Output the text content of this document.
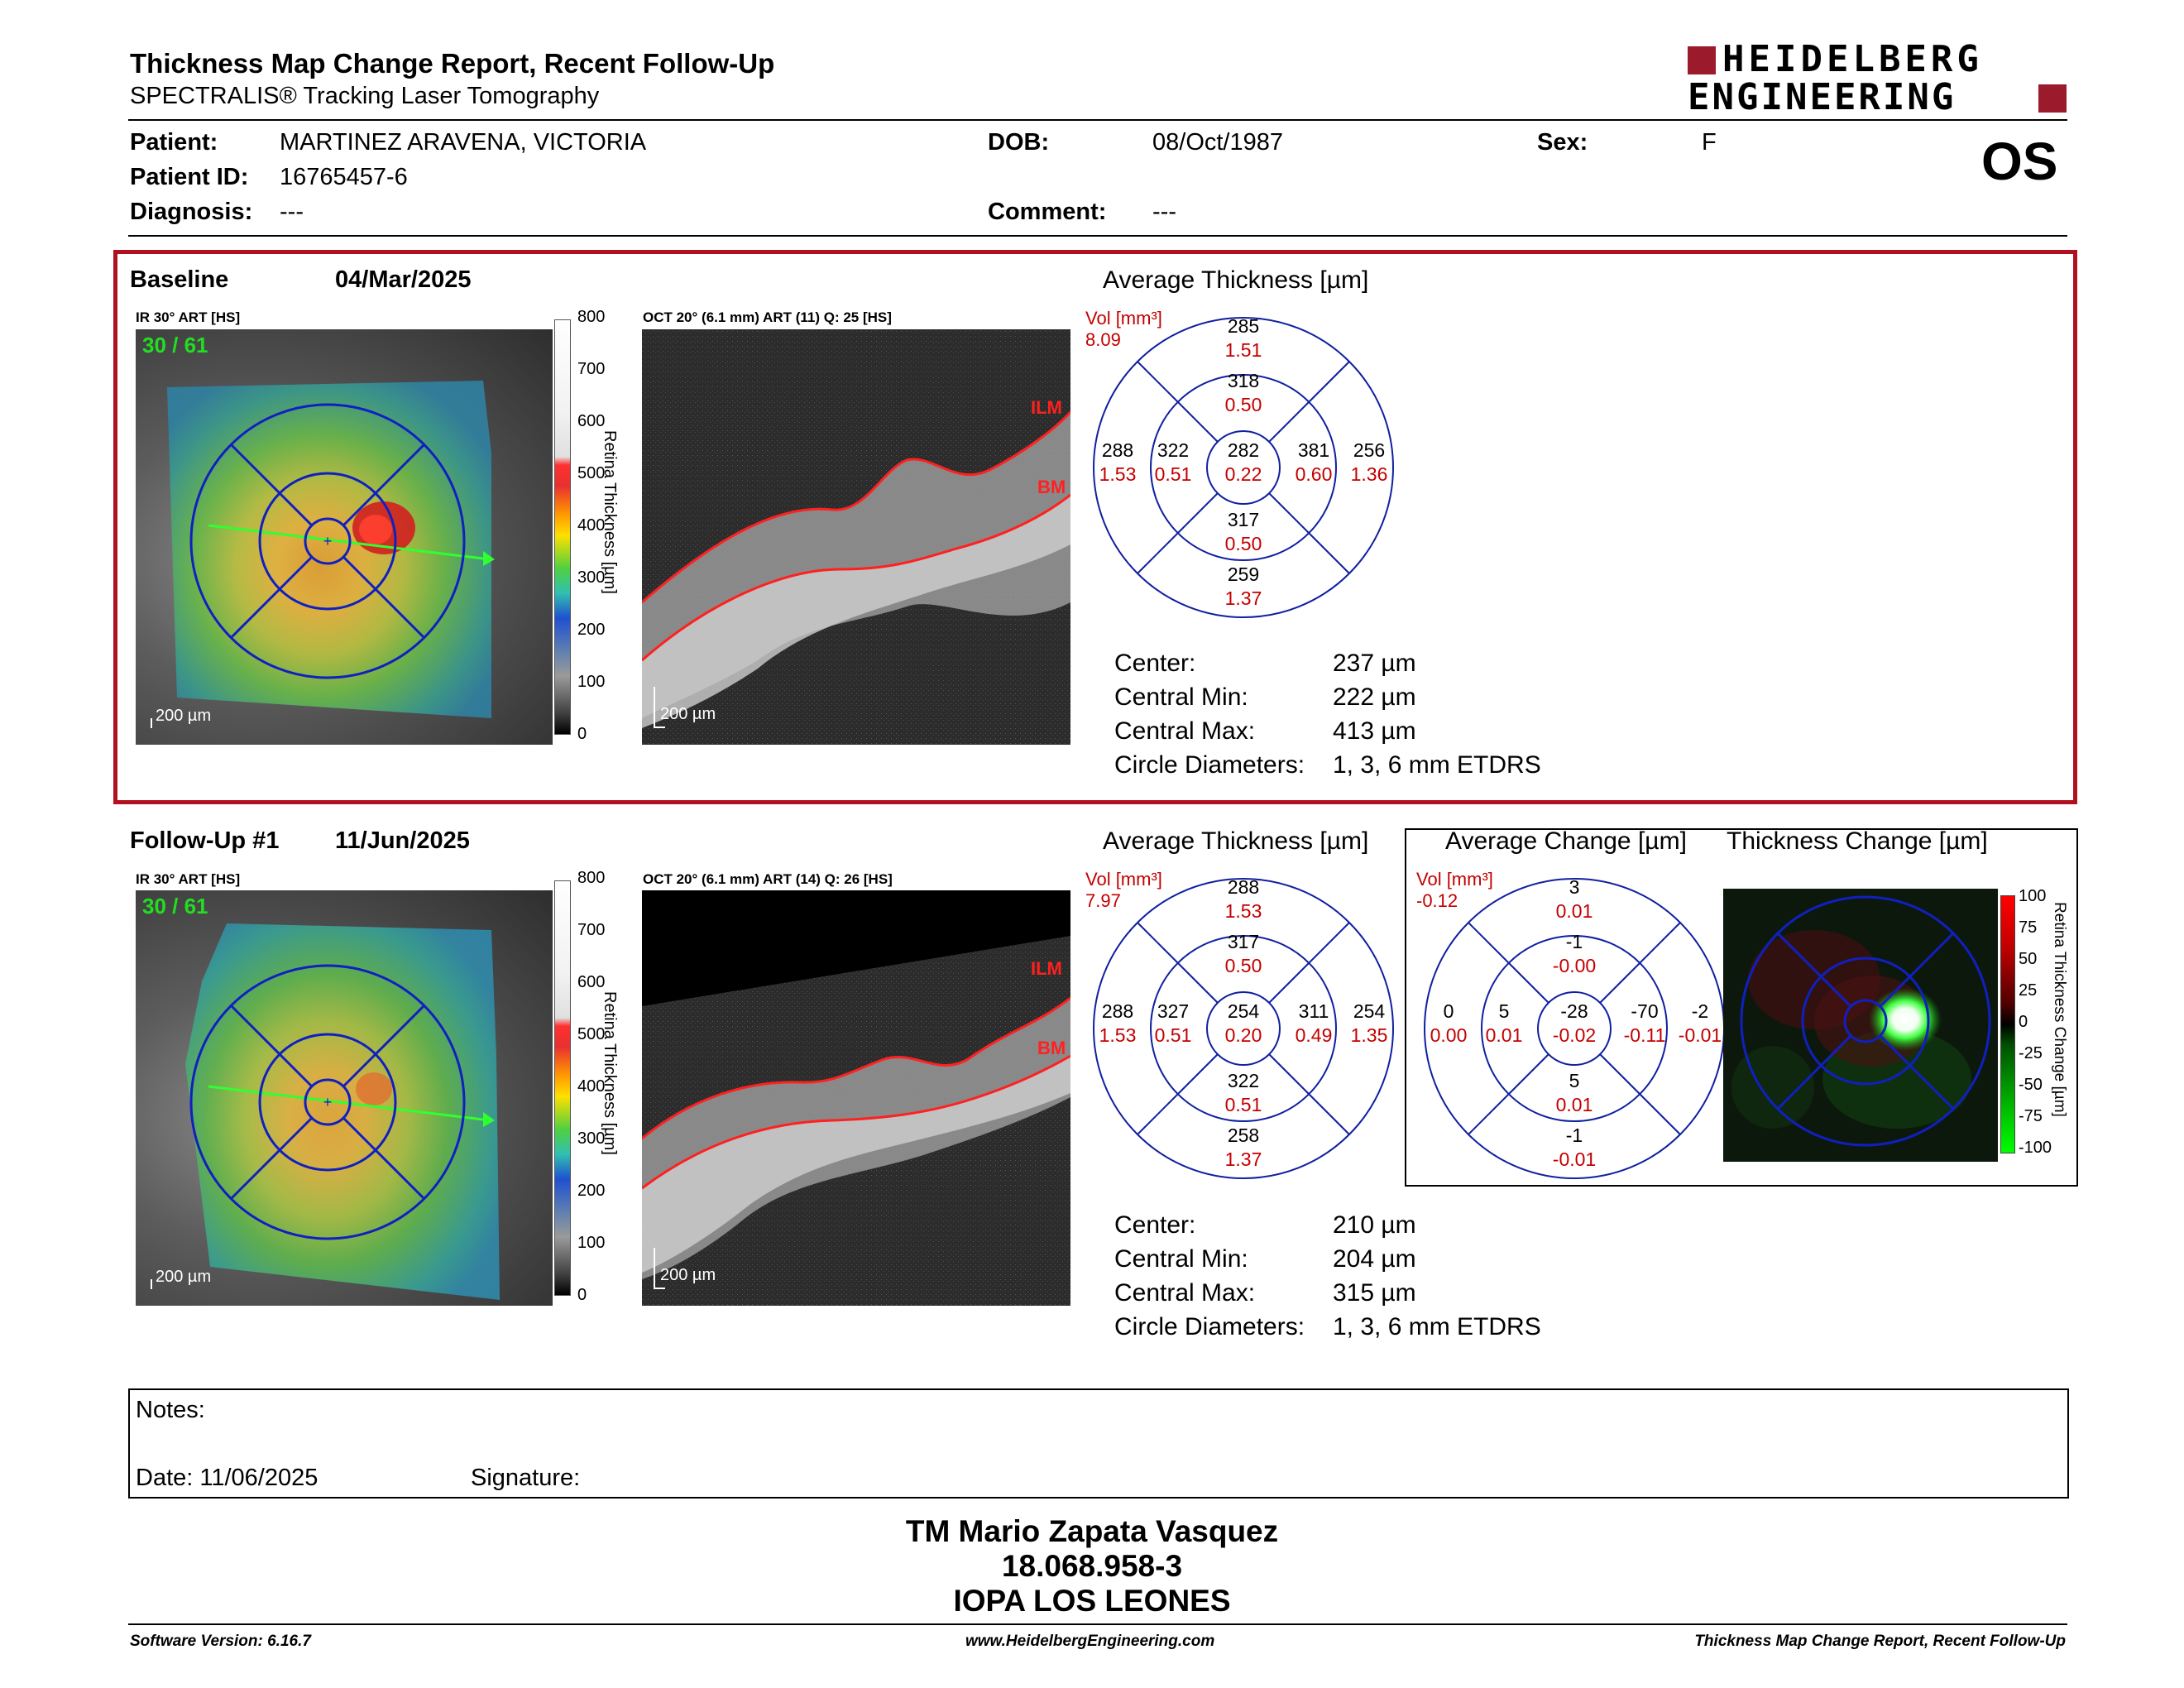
Thickness Map Change Report, Recent Follow-Up
SPECTRALIS® Tracking Laser Tomography
HEIDELBERG
ENGINEERING
OS
Patient:	MARTINEZ ARAVENA, VICTORIA
Patient ID: 16765457-6
Diagnosis: ---
DOB:	08/Oct/1987
Comment: ---
Sex:	F
Baseline	04/Mar/2025
IR 30° ART [HS]
+
30 / 61
200 µm
800
700
600
500
400
300
200
100
0
Retina Thickness [µm]
OCT 20° (6.1 mm) ART (11) Q: 25 [HS]
ILM
BM
200 µm
Average Thickness [µm]
Vol [mm³]
8.09
282
0.22
318
0.50
317
0.50
322
0.51
381
0.60
285
1.51
259
1.37
288
1.53
256
1.36
Center:	237 µm
Central Min:	222 µm
Central Max:	413 µm
Circle Diameters: 1, 3, 6 mm ETDRS
Follow-Up #1 11/Jun/2025
IR 30° ART [HS]
+
30 / 61
200 µm
800
700
600
500
400
300
200
100
0
Retina Thickness [µm]
OCT 20° (6.1 mm) ART (14) Q: 26 [HS]
ILM
BM
200 µm
Average Thickness [µm]
Vol [mm³]
7.97
254
0.20
317
0.50
322
0.51
327
0.51
311
0.49
288
1.53
258
1.37
288
1.53
254
1.35
Center:	210 µm
Central Min:	204 µm
Central Max:	315 µm
Circle Diameters: 1, 3, 6 mm ETDRS
Average Change [µm] Thickness Change [µm]
Vol [mm³]
-0.12
-28
-0.02
-1
-0.00
5
0.01
5
0.01
-70
-0.11
3
0.01
-1
-0.01
0
0.00
-2
-0.01
100
75
50
25
0
-25
-50
-75
-100
Retina Thickness Change [µm]
Notes:
Date: 11/06/2025	Signature:
TM Mario Zapata Vasquez
18.068.958-3
IOPA LOS LEONES
Software Version: 6.16.7	www.HeidelbergEngineering.com	Thickness Map Change Report, Recent Follow-Up
